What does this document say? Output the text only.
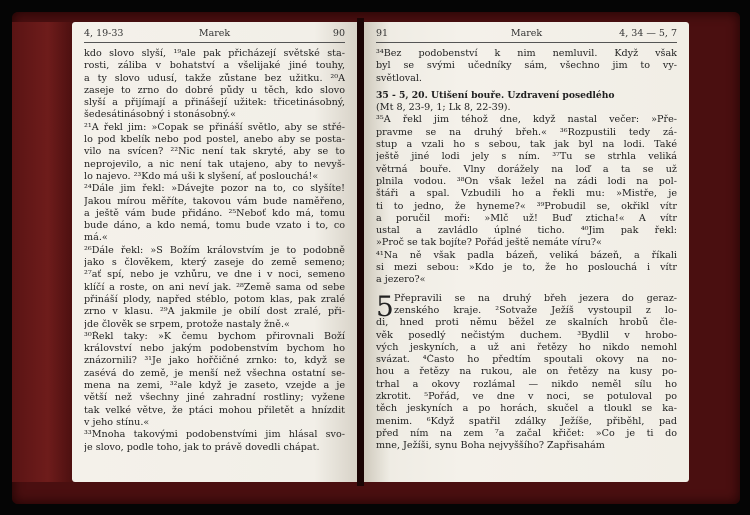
4, 19-33	Marek	90
kdo slovo slyší, ¹⁹ale pak přicházejí světské sta-
rosti, záliba v bohatství a všelijaké jiné touhy,
a ty slovo udusí, takže zůstane bez užitku. ²⁰A
zaseje to zrno do dobré půdy u těch, kdo slovo
slyší a přijímají a přinášejí užitek: třicetinásobný,
šedesátinásobný i stonásobný.«
²¹A řekl jim: »Copak se přináší světlo, aby se střé-
lo pod kbelík nebo pod postel, anebo aby se posta-
vilo na svícen? ²²Nic není tak skryté, aby se to
neprojevilo, a nic není tak utajeno, aby to nevyš-
lo najevo. ²³Kdo má uši k slyšení, ať poslouchá!«
²⁴Dále jim řekl: »Dávejte pozor na to, co slyšíte!
Jakou mírou měříte, takovou vám bude naměřeno,
a ještě vám bude přidáno. ²⁵Neboť kdo má, tomu
bude dáno, a kdo nemá, tomu bude vzato i to, co
má.«
²⁶Dále řekl: »S Božím královstvím je to podobně
jako s člověkem, který zaseje do země semeno;
²⁷ať spí, nebo je vzhůru, ve dne i v noci, semeno
klíčí a roste, on ani neví jak. ²⁸Země sama od sebe
přináší plody, napřed stéblo, potom klas, pak zralé
zrno v klasu. ²⁹A jakmile je obilí dost zralé, při-
jde člověk se srpem, protože nastaly žně.«
³⁰Řekl taky: »K čemu bychom přirovnali Boží
království nebo jakým podobenstvím bychom ho
znázornili? ³¹Je jako hořčičné zrnko: to, když se
zasévá do země, je menší než všechna ostatní se-
mena na zemi, ³²ale když je zaseto, vzejde a je
větší než všechny jiné zahradní rostliny; vyžene
tak velké větve, že ptáci mohou přiletět a hnízdit
v jeho stínu.«
³³Mnoha takovými podobenstvími jim hlásal svo-
je slovo, podle toho, jak to právě dovedli chápat.
91	Marek	4, 34 — 5, 7
³⁴Bez podobenství k nim nemluvil. Když však
byl se svými učedníky sám, všechno jim to vy-
světloval.
35 - 5, 20. Utišení bouře. Uzdravení posedlého
(Mt 8, 23-9, 1; Lk 8, 22-39).
³⁵A řekl jim téhož dne, když nastal večer: »Pře-
pravme se na druhý břeh.« ³⁶Rozpustili tedy zá-
stup a vzali ho s sebou, tak jak byl na lodi. Také
ještě jiné lodi jely s ním. ³⁷Tu se strhla veliká
větrná bouře. Vlny dorážely na loď a ta se už
plnila vodou. ³⁸On však ležel na zádi lodi na pol-
štáři a spal. Vzbudili ho a řekli mu: »Mistře, je
ti to jedno, že hyneme?« ³⁹Probudil se, okřikl vítr
a poručil moři: »Mlč už! Buď zticha!« A vítr
ustal a zavládlo úplné ticho. ⁴⁰Jim pak řekl:
»Proč se tak bojíte? Pořád ještě nemáte víru?«
⁴¹Na ně však padla bázeň, veliká bázeň, a říkali
si mezi sebou: »Kdo je to, že ho poslouchá i vítr
a jezero?«
5 Přepravili se na druhý břeh jezera do geraz-
zenského kraje. ²Sotvaže Ježíš vystoupil z lo-
di, hned proti němu běžel ze skalních hrobů čle-
věk posedlý nečistým duchem. ³Bydlil v hrobo-
vých jeskyních, a už ani řetězy ho nikdo nemohl
svázat. ⁴Často ho předtím spoutali okovy na no-
hou a řetězy na rukou, ale on řetězy na kusy po-
trhal a okovy rozlámal — nikdo neměl sílu ho
zkrotit. ⁵Pořád, ve dne v noci, se potuloval po
těch jeskyních a po horách, skučel a tloukl se ka-
menim. ⁶Když spatřil zdálky Ježíše, přiběhl, pad
před ním na zem ⁷a začal křičet: »Co je ti do
mne, Ježíši, synu Boha nejvyššího? Zapřisahám
